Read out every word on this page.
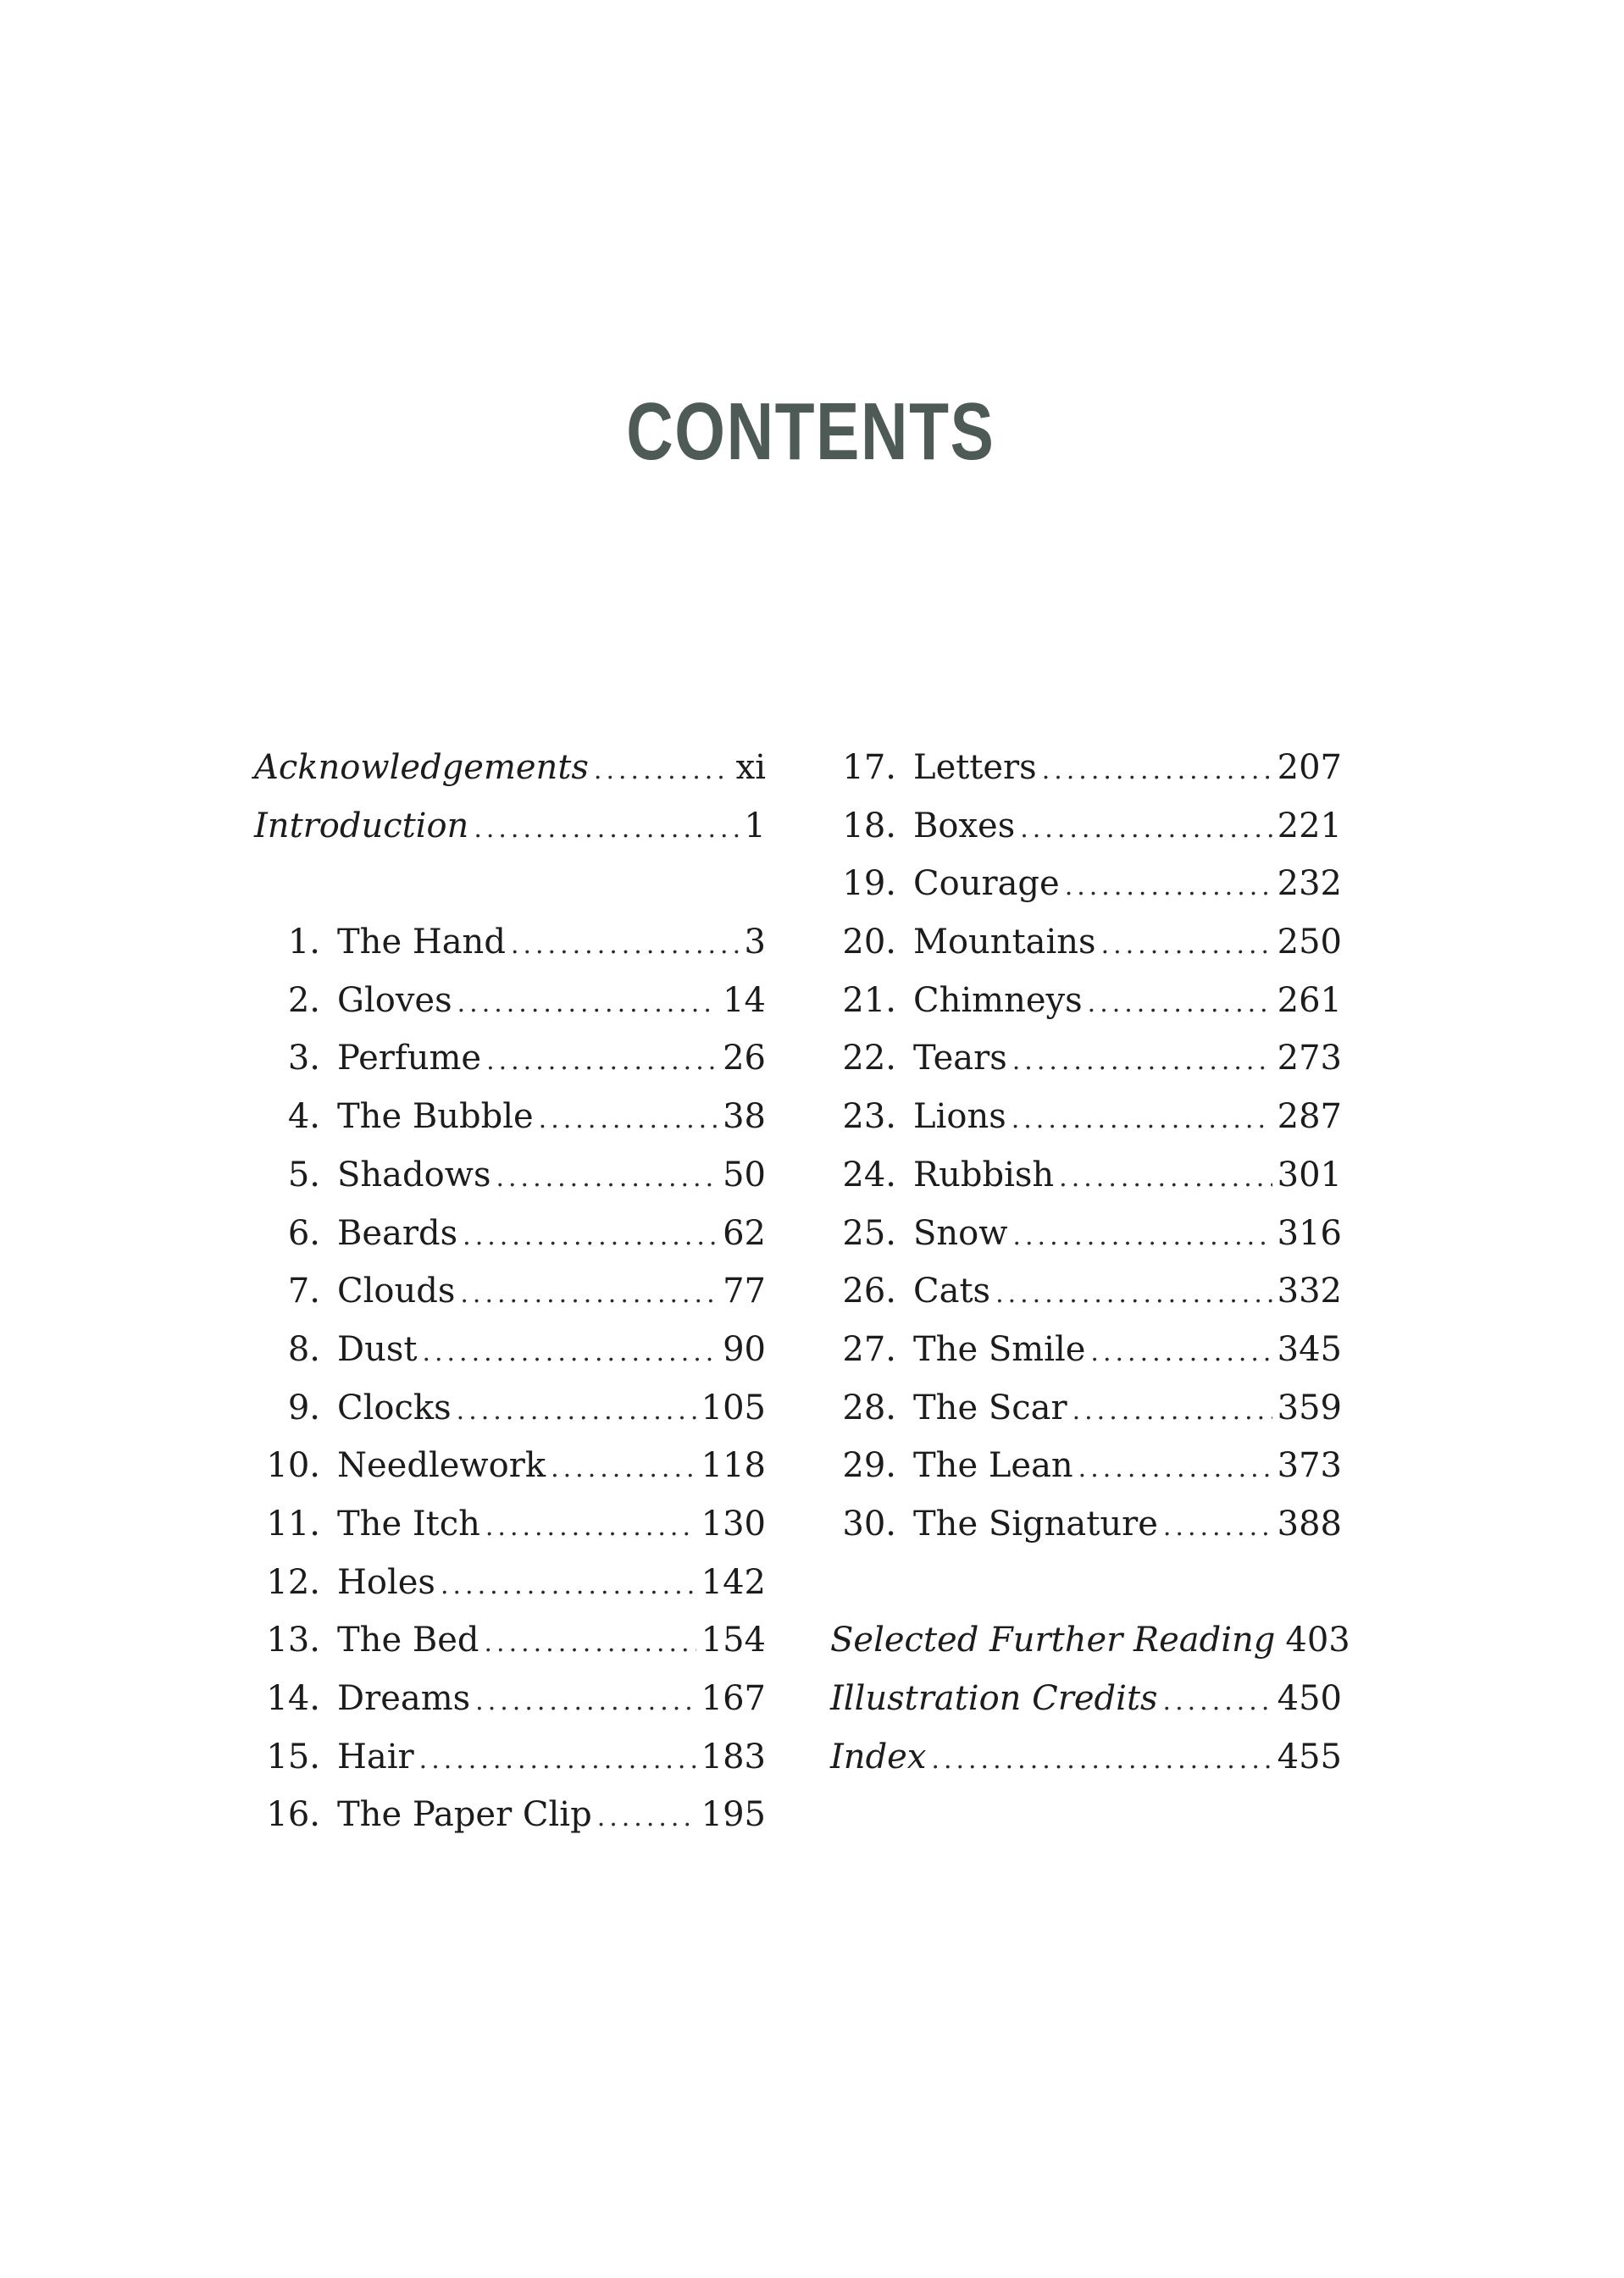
CONTENTS
Acknowledgements .....	xi
Introduction .....	1
1. The Hand .....	3
2. Gloves .....	14
3. Perfume .....	26
4. The Bubble .....	38
5. Shadows .....	50
6. Beards .....	62
7. Clouds .....	77
8. Dust .....	90
9. Clocks .....	105
10. Needlework .....	118
11. The Itch .....	130
12. Holes .....	142
13. The Bed .....	154
14. Dreams .....	167
15. Hair .....	183
16. The Paper Clip .....	195
17. Letters .....	207
18. Boxes .....	221
19. Courage .....	232
20. Mountains .....	250
21. Chimneys .....	261
22. Tears .....	273
23. Lions .....	287
24. Rubbish .....	301
25. Snow .....	316
26. Cats .....	332
27. The Smile .....	345
28. The Scar .....	359
29. The Lean .....	373
30. The Signature .....	388
Selected Further Reading 403
Illustration Credits .....	450
Index .....	455
